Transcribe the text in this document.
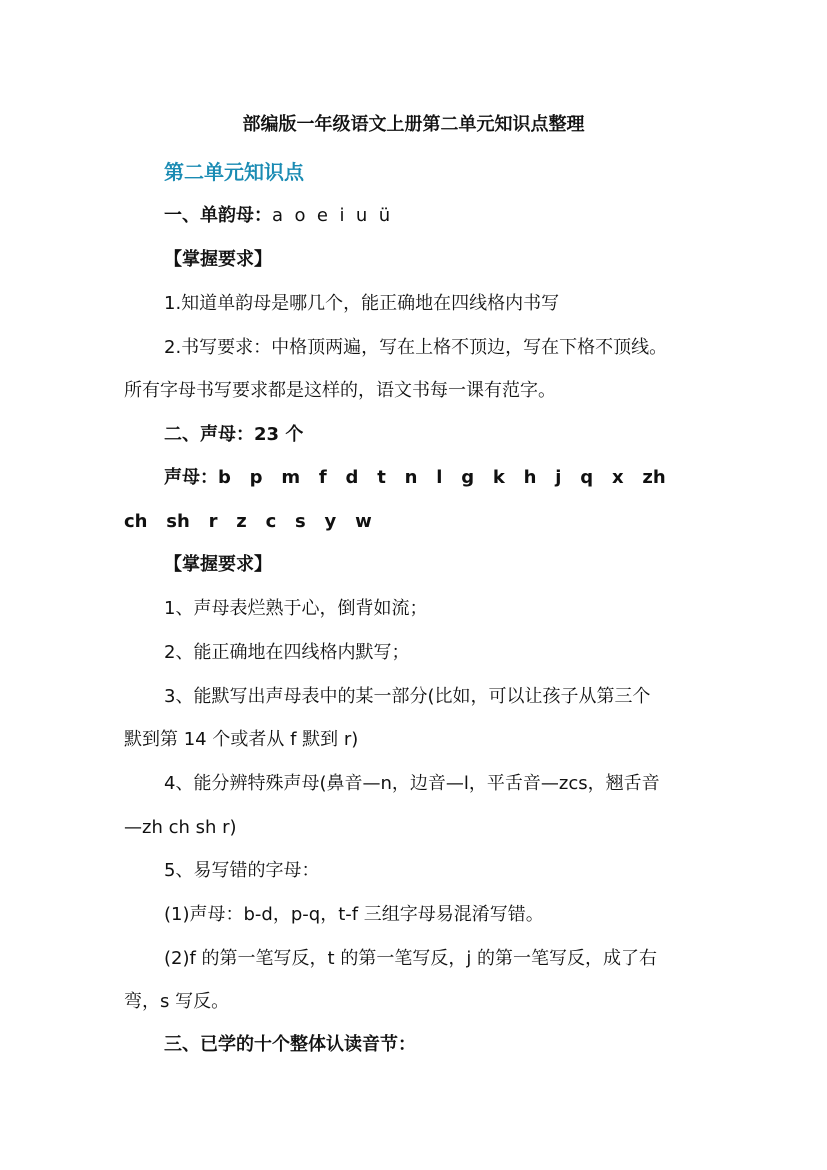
部编版一年级语文上册第二单元知识点整理
第二单元知识点
一、单韵母：a  o  e  i  u  ü
【掌握要求】
1.知道单韵母是哪几个，能正确地在四线格内书写
2.书写要求：中格顶两遍，写在上格不顶边，写在下格不顶线。
所有字母书写要求都是这样的，语文书每一课有范字。
二、声母：23 个
声母：b   p   m   f   d   t   n   l   g   k   h   j   q   x   zh
ch   sh   r   z   c   s   y   w
【掌握要求】
1、声母表烂熟于心，倒背如流；
2、能正确地在四线格内默写；
3、能默写出声母表中的某一部分(比如，可以让孩子从第三个
默到第 14 个或者从 f 默到 r)
4、能分辨特殊声母(鼻音—n，边音—l，平舌音—zcs，翘舌音
—zh ch sh r)
5、易写错的字母：
(1)声母：b-d，p-q，t-f 三组字母易混淆写错。
(2)f 的第一笔写反，t 的第一笔写反，j 的第一笔写反，成了右
弯，s 写反。
三、已学的十个整体认读音节：
